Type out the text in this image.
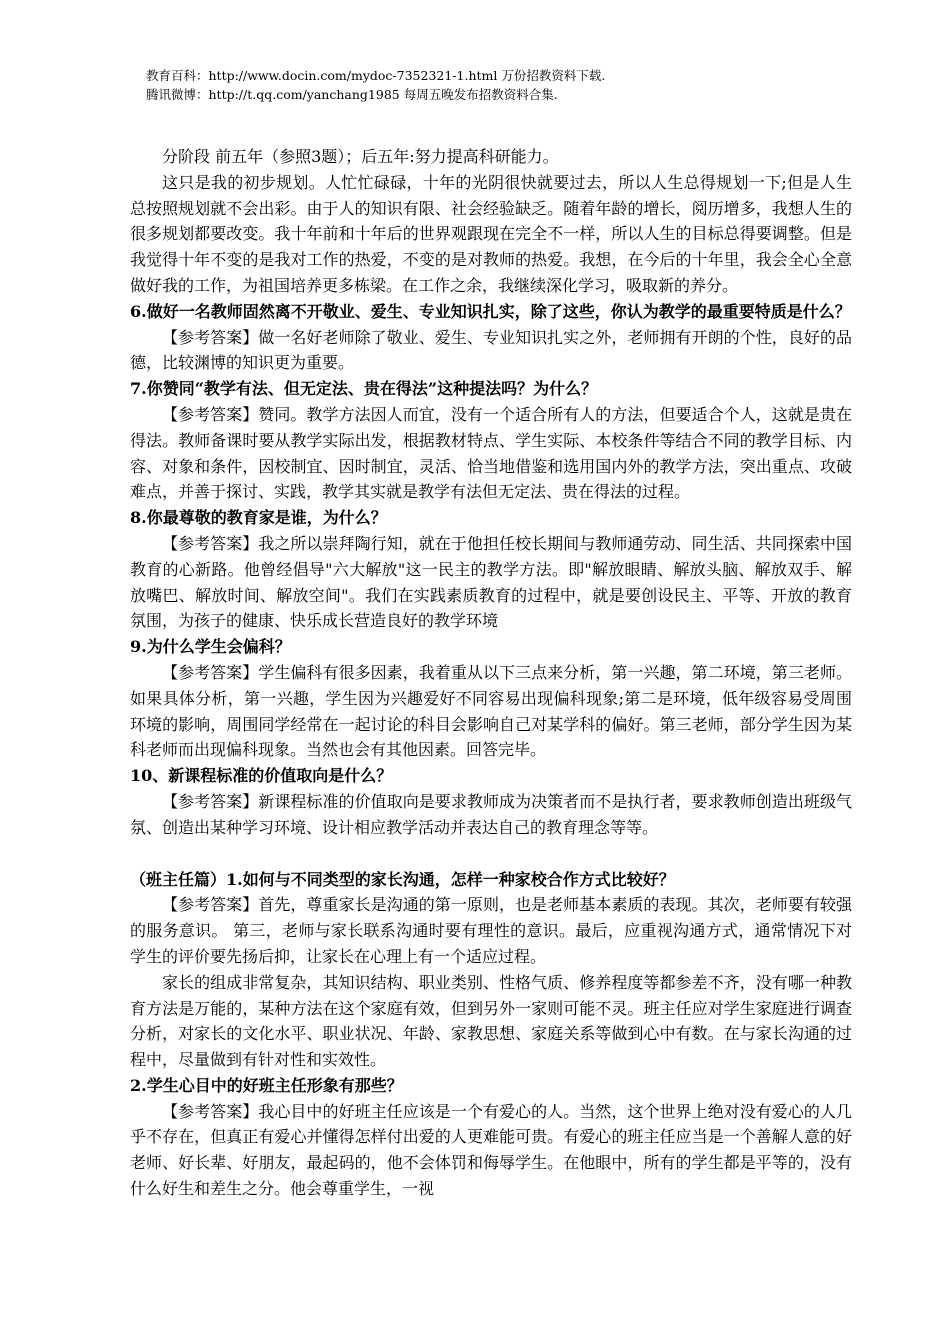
教育百科：http://www.docin.com/mydoc-7352321-1.html 万份招教资料下载.
腾讯微博：http://t.qq.com/yanchang1985 每周五晚发布招教资料合集.

分阶段 前五年（参照3题）；后五年:努力提高科研能力。

这只是我的初步规划。人忙忙碌碌，十年的光阴很快就要过去，所以人生总得规划一下;但是人生总按照规划就不会出彩。由于人的知识有限、社会经验缺乏。随着年龄的增长，阅历增多，我想人生的很多规划都要改变。我十年前和十年后的世界观跟现在完全不一样，所以人生的目标总得要调整。但是我觉得十年不变的是我对工作的热爱，不变的是对教师的热爱。我想，在今后的十年里，我会全心全意做好我的工作，为祖国培养更多栋梁。在工作之余，我继续深化学习，吸取新的养分。

6.做好一名教师固然离不开敬业、爱生、专业知识扎实，除了这些，你认为教学的最重要特质是什么？

【参考答案】做一名好老师除了敬业、爱生、专业知识扎实之外，老师拥有开朗的个性，良好的品德，比较渊博的知识更为重要。

7.你赞同“教学有法、但无定法、贵在得法”这种提法吗？为什么？

【参考答案】赞同。教学方法因人而宜，没有一个适合所有人的方法，但要适合个人，这就是贵在得法。教师备课时要从教学实际出发，根据教材特点、学生实际、本校条件等结合不同的教学目标、内容、对象和条件，因校制宜、因时制宜，灵活、恰当地借鉴和选用国内外的教学方法，突出重点、攻破难点，并善于探讨、实践，教学其实就是教学有法但无定法、贵在得法的过程。

8.你最尊敬的教育家是谁，为什么？

【参考答案】我之所以崇拜陶行知，就在于他担任校长期间与教师通劳动、同生活、共同探索中国教育的心新路。他曾经倡导"六大解放"这一民主的教学方法。即"解放眼睛、解放头脑、解放双手、解放嘴巴、解放时间、解放空间"。我们在实践素质教育的过程中，就是要创设民主、平等、开放的教育氛围，为孩子的健康、快乐成长营造良好的教学环境

9.为什么学生会偏科？

【参考答案】学生偏科有很多因素，我着重从以下三点来分析，第一兴趣，第二环境，第三老师。如果具体分析，第一兴趣，学生因为兴趣爱好不同容易出现偏科现象;第二是环境，低年级容易受周围环境的影响，周围同学经常在一起讨论的科目会影响自己对某学科的偏好。第三老师，部分学生因为某科老师而出现偏科现象。当然也会有其他因素。回答完毕。

10、新课程标准的价值取向是什么？

【参考答案】新课程标准的价值取向是要求教师成为决策者而不是执行者，要求教师创造出班级气氛、创造出某种学习环境、设计相应教学活动并表达自己的教育理念等等。

（班主任篇）1.如何与不同类型的家长沟通，怎样一种家校合作方式比较好？

【参考答案】首先，尊重家长是沟通的第一原则，也是老师基本素质的表现。其次，老师要有较强的服务意识。 第三，老师与家长联系沟通时要有理性的意识。最后，应重视沟通方式，通常情况下对学生的评价要先扬后抑，让家长在心理上有一个适应过程。

家长的组成非常复杂，其知识结构、职业类别、性格气质、修养程度等都参差不齐，没有哪一种教育方法是万能的，某种方法在这个家庭有效，但到另外一家则可能不灵。班主任应对学生家庭进行调查分析，对家长的文化水平、职业状况、年龄、家教思想、家庭关系等做到心中有数。在与家长沟通的过程中，尽量做到有针对性和实效性。

2.学生心目中的好班主任形象有那些？

【参考答案】我心目中的好班主任应该是一个有爱心的人。当然，这个世界上绝对没有爱心的人几乎不存在，但真正有爱心并懂得怎样付出爱的人更难能可贵。有爱心的班主任应当是一个善解人意的好老师、好长辈、好朋友，最起码的，他不会体罚和侮辱学生。在他眼中，所有的学生都是平等的，没有什么好生和差生之分。他会尊重学生，一视
